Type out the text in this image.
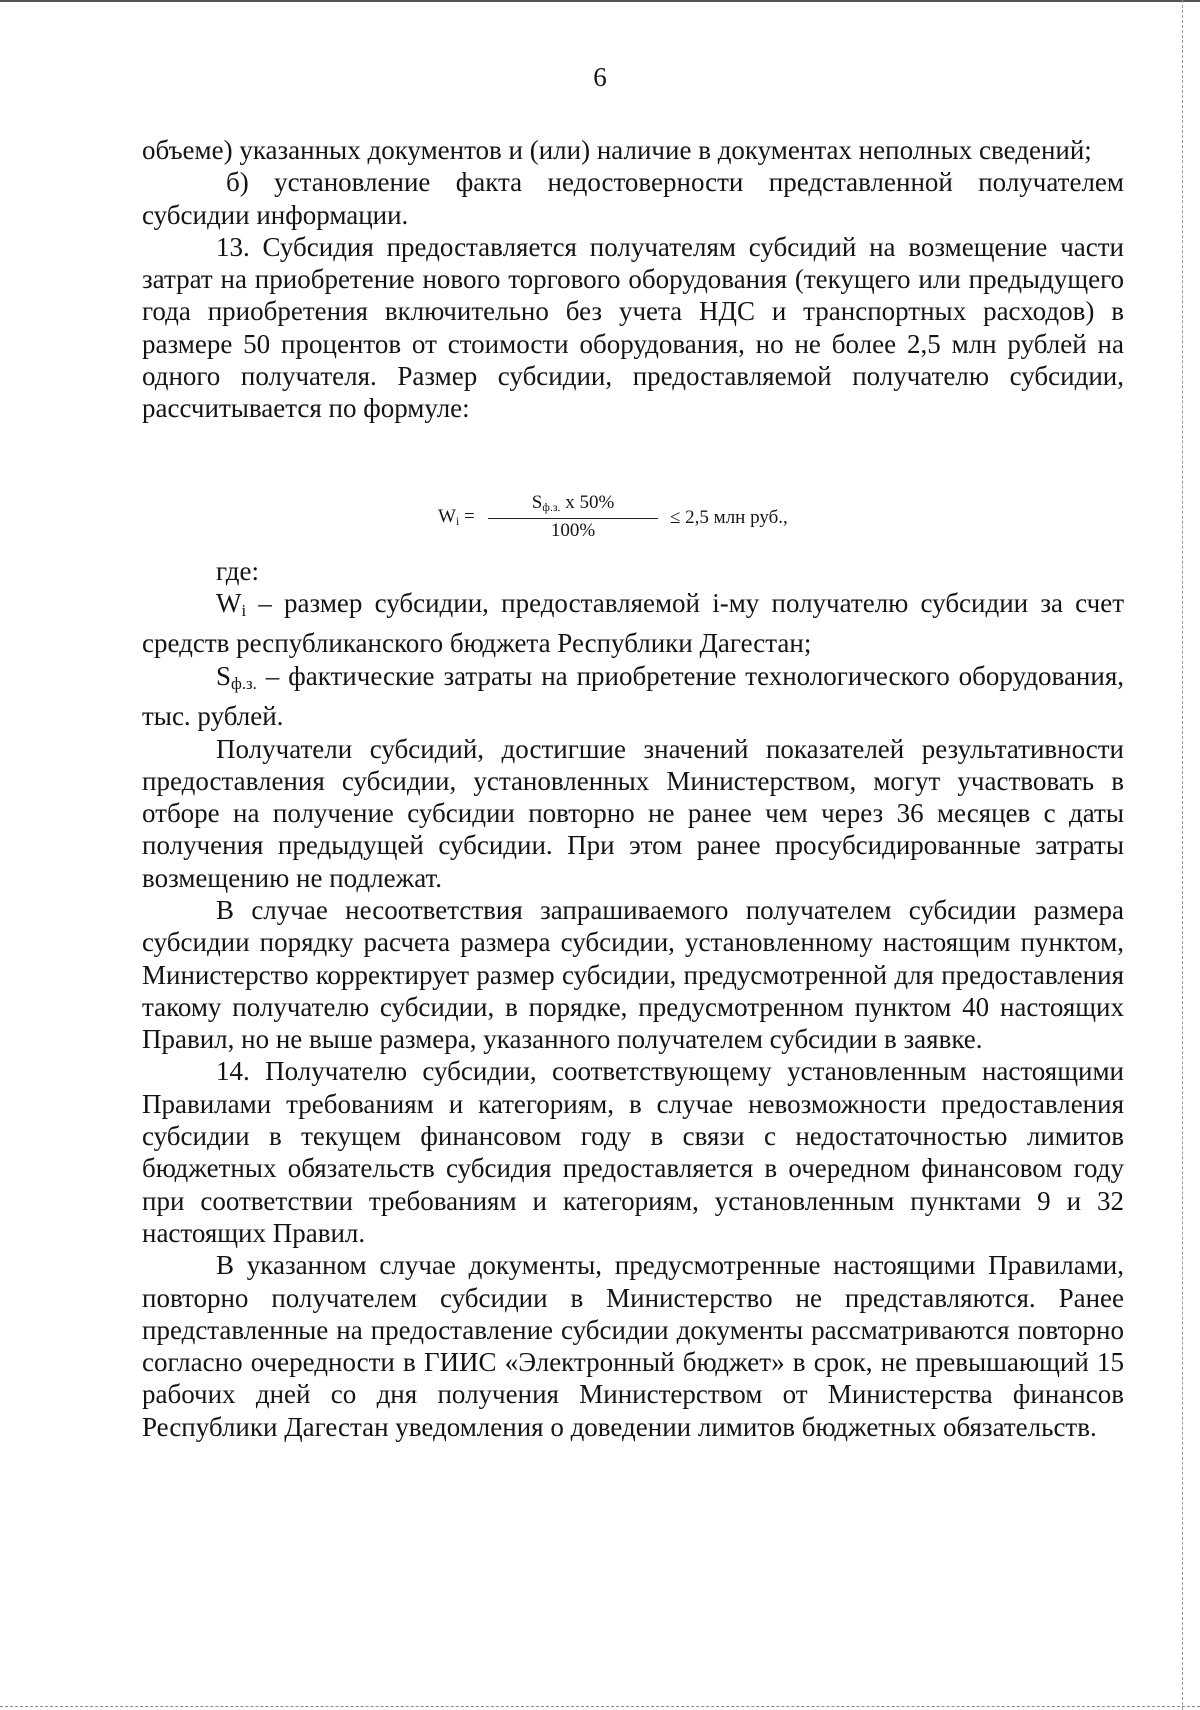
6

объеме) указанных документов и (или) наличие в документах неполных сведений;

б) установление факта недостоверности представленной получателем субсидии информации.

13. Субсидия предоставляется получателям субсидий на возмещение части затрат на приобретение нового торгового оборудования (текущего или предыдущего года приобретения включительно без учета НДС и транспортных расходов) в размере 50 процентов от стоимости оборудования, но не более 2,5 млн рублей на одного получателя. Размер субсидии, предоставляемой получателю субсидии, рассчитывается по формуле:

где:

$W_i$ – размер субсидии, предоставляемой i-му получателю субсидии за счет средств республиканского бюджета Республики Дагестан;

$S_{ф.з.}$ – фактические затраты на приобретение технологического оборудования, тыс. рублей.

Получатели субсидий, достигшие значений показателей результативности предоставления субсидии, установленных Министерством, могут участвовать в отборе на получение субсидии повторно не ранее чем через 36 месяцев с даты получения предыдущей субсидии. При этом ранее просубсидированные затраты возмещению не подлежат.

В случае несоответствия запрашиваемого получателем субсидии размера субсидии порядку расчета размера субсидии, установленному настоящим пунктом, Министерство корректирует размер субсидии, предусмотренной для предоставления такому получателю субсидии, в порядке, предусмотренном пунктом 40 настоящих Правил, но не выше размера, указанного получателем субсидии в заявке.

14. Получателю субсидии, соответствующему установленным настоящими Правилами требованиям и категориям, в случае невозможности предоставления субсидии в текущем финансовом году в связи с недостаточностью лимитов бюджетных обязательств субсидия предоставляется в очередном финансовом году при соответствии требованиям и категориям, установленным пунктами 9 и 32 настоящих Правил.

В указанном случае документы, предусмотренные настоящими Правилами, повторно получателем субсидии в Министерство не представляются. Ранее представленные на предоставление субсидии документы рассматриваются повторно согласно очередности в ГИИС «Электронный бюджет» в срок, не превышающий 15 рабочих дней со дня получения Министерством от Министерства финансов Республики Дагестан уведомления о доведении лимитов бюджетных обязательств.

$W_i$ =
$S_{ф.з.}$ х 50%
100%
≤ 2,5 млн руб.,
